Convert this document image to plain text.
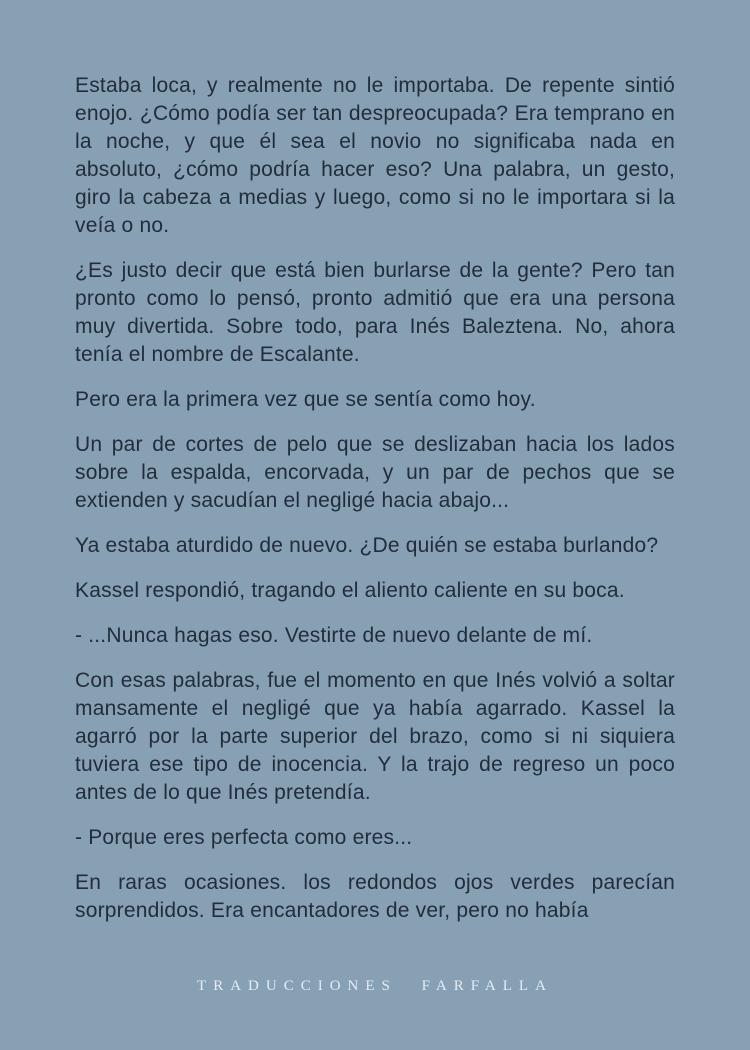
Estaba loca, y realmente no le importaba. De repente sintió enojo. ¿Cómo podía ser tan despreocupada? Era temprano en la noche, y que él sea el novio no significaba nada en absoluto, ¿cómo podría hacer eso? Una palabra, un gesto, giro la cabeza a medias y luego, como si no le importara si la veía o no.

¿Es justo decir que está bien burlarse de la gente? Pero tan pronto como lo pensó, pronto admitió que era una persona muy divertida. Sobre todo, para Inés Baleztena. No, ahora tenía el nombre de Escalante.

Pero era la primera vez que se sentía como hoy.

Un par de cortes de pelo que se deslizaban hacia los lados sobre la espalda, encorvada, y un par de pechos que se extienden y sacudían el negligé hacia abajo...

Ya estaba aturdido de nuevo. ¿De quién se estaba burlando?

Kassel respondió, tragando el aliento caliente en su boca.

- ...Nunca hagas eso. Vestirte de nuevo delante de mí.

Con esas palabras, fue el momento en que Inés volvió a soltar mansamente el negligé que ya había agarrado. Kassel la agarró por la parte superior del brazo, como si ni siquiera tuviera ese tipo de inocencia. Y la trajo de regreso un poco antes de lo que Inés pretendía.

- Porque eres perfecta como eres...

En raras ocasiones. los redondos ojos verdes parecían sorprendidos. Era encantadores de ver, pero no había

TRADUCCIONES FARFALLA
